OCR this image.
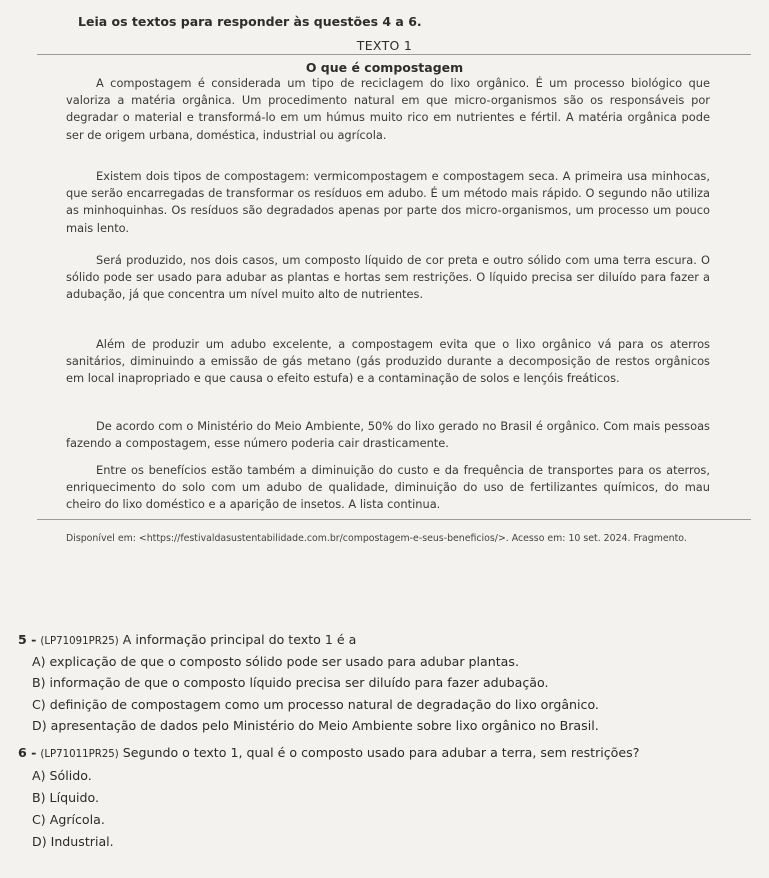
Leia os textos para responder às questões 4 a 6.
TEXTO 1
O que é compostagem
A compostagem é considerada um tipo de reciclagem do lixo orgânico. É um processo biológico que valoriza a matéria orgânica. Um procedimento natural em que micro-organismos são os responsáveis por degradar o material e transformá-lo em um húmus muito rico em nutrientes e fértil. A matéria orgânica pode ser de origem urbana, doméstica, industrial ou agrícola.
Existem dois tipos de compostagem: vermicompostagem e compostagem seca. A primeira usa minhocas, que serão encarregadas de transformar os resíduos em adubo. É um método mais rápido. O segundo não utiliza as minhoquinhas. Os resíduos são degradados apenas por parte dos micro-organismos, um processo um pouco mais lento.
Será produzido, nos dois casos, um composto líquido de cor preta e outro sólido com uma terra escura. O sólido pode ser usado para adubar as plantas e hortas sem restrições. O líquido precisa ser diluído para fazer a adubação, já que concentra um nível muito alto de nutrientes.
Além de produzir um adubo excelente, a compostagem evita que o lixo orgânico vá para os aterros sanitários, diminuindo a emissão de gás metano (gás produzido durante a decomposição de restos orgânicos em local inapropriado e que causa o efeito estufa) e a contaminação de solos e lençóis freáticos.
De acordo com o Ministério do Meio Ambiente, 50% do lixo gerado no Brasil é orgânico. Com mais pessoas fazendo a compostagem, esse número poderia cair drasticamente.
Entre os benefícios estão também a diminuição do custo e da frequência de transportes para os aterros, enriquecimento do solo com um adubo de qualidade, diminuição do uso de fertilizantes químicos, do mau cheiro do lixo doméstico e a aparição de insetos. A lista continua.
Disponível em: <https://festivaldasustentabilidade.com.br/compostagem-e-seus-beneficios/>. Acesso em: 10 set. 2024. Fragmento.
5 - (LP71091PR25) A informação principal do texto 1 é a
A) explicação de que o composto sólido pode ser usado para adubar plantas.
B) informação de que o composto líquido precisa ser diluído para fazer adubação.
C) definição de compostagem como um processo natural de degradação do lixo orgânico.
D) apresentação de dados pelo Ministério do Meio Ambiente sobre lixo orgânico no Brasil.
6 - (LP71011PR25) Segundo o texto 1, qual é o composto usado para adubar a terra, sem restrições?
A) Sólido.
B) Líquido.
C) Agrícola.
D) Industrial.
